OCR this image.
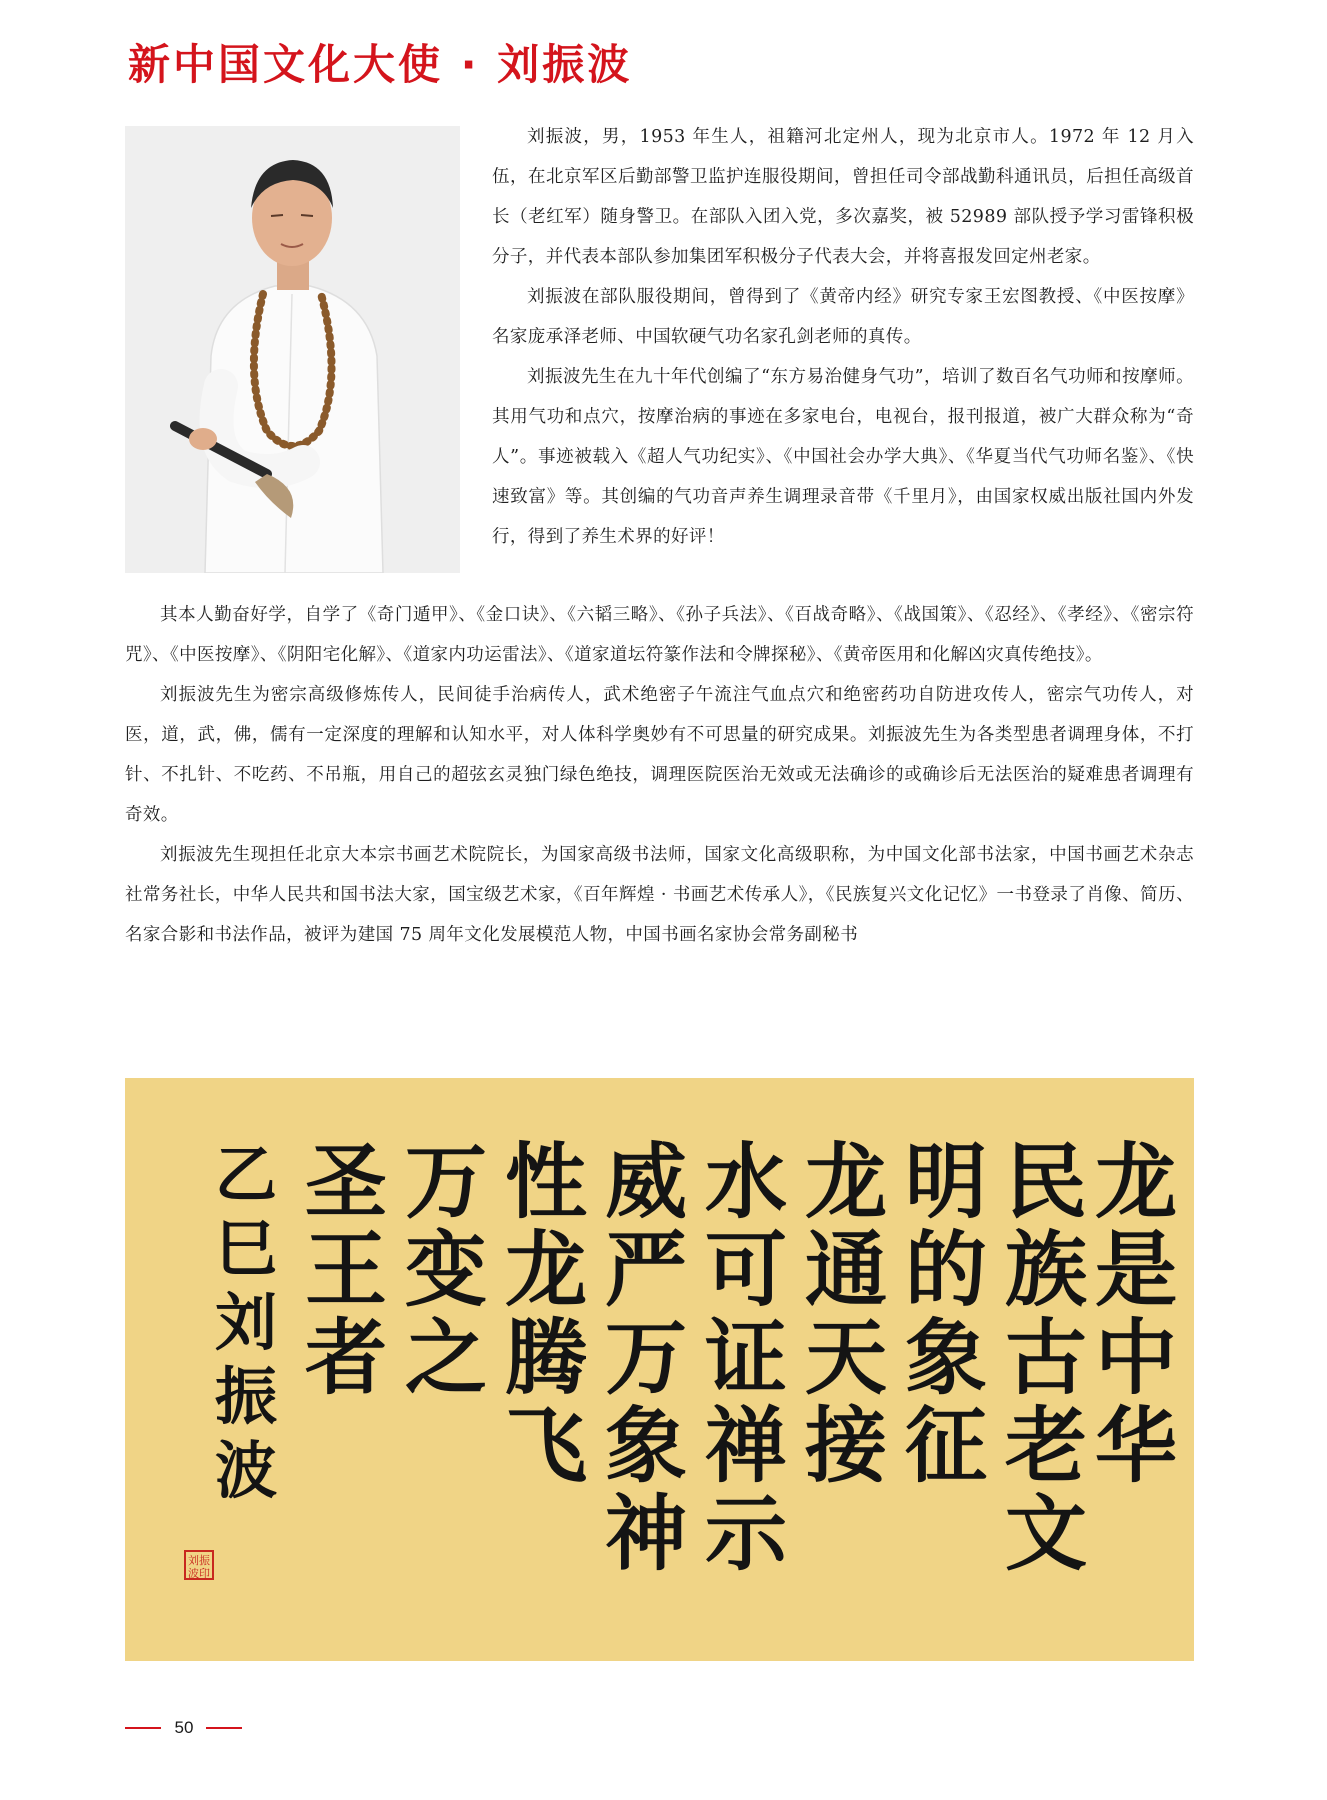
新中国文化大使 · 刘振波

刘振波，男，1953 年生人，祖籍河北定州人，现为北京市人。1972 年 12 月入伍，在北京军区后勤部警卫监护连服役期间，曾担任司令部战勤科通讯员，后担任高级首长（老红军）随身警卫。在部队入团入党，多次嘉奖，被 52989 部队授予学习雷锋积极分子，并代表本部队参加集团军积极分子代表大会，并将喜报发回定州老家。

刘振波在部队服役期间，曾得到了《黄帝内经》研究专家王宏图教授、《中医按摩》名家庞承泽老师、中国软硬气功名家孔剑老师的真传。

刘振波先生在九十年代创编了“东方易治健身气功”，培训了数百名气功师和按摩师。其用气功和点穴，按摩治病的事迹在多家电台，电视台，报刊报道，被广大群众称为“奇人”。事迹被载入《超人气功纪实》、《中国社会办学大典》、《华夏当代气功师名鉴》、《快速致富》等。其创编的气功音声养生调理录音带《千里月》，由国家权威出版社国内外发行，得到了养生术界的好评！

其本人勤奋好学，自学了《奇门遁甲》、《金口诀》、《六韬三略》、《孙子兵法》、《百战奇略》、《战国策》、《忍经》、《孝经》、《密宗符咒》、《中医按摩》、《阴阳宅化解》、《道家内功运雷法》、《道家道坛符篆作法和令牌探秘》、《黄帝医用和化解凶灾真传绝技》。

刘振波先生为密宗高级修炼传人，民间徒手治病传人，武术绝密子午流注气血点穴和绝密药功自防进攻传人，密宗气功传人，对医，道，武，佛，儒有一定深度的理解和认知水平，对人体科学奥妙有不可思量的研究成果。刘振波先生为各类型患者调理身体，不打针、不扎针、不吃药、不吊瓶，用自己的超弦玄灵独门绿色绝技，调理医院医治无效或无法确诊的或确诊后无法医治的疑难患者调理有奇效。

刘振波先生现担任北京大本宗书画艺术院院长，为国家高级书法师，国家文化高级职称，为中国文化部书法家，中国书画艺术杂志社常务社长，中华人民共和国书法大家，国宝级艺术家，《百年辉煌 · 书画艺术传承人》，《民族复兴文化记忆》一书登录了肖像、简历、名家合影和书法作品，被评为建国 75 周年文化发展模范人物，中国书画名家协会常务副秘书

龙
是
中
华
民
族
古
老
文
明
的
象
征
龙
通
天
接
水
可
证
禅
示
威
严
万
象
神
性
龙
腾
飞
万
变
之
圣
王
者
乙
巳
刘
振
波
刘振波印
50
